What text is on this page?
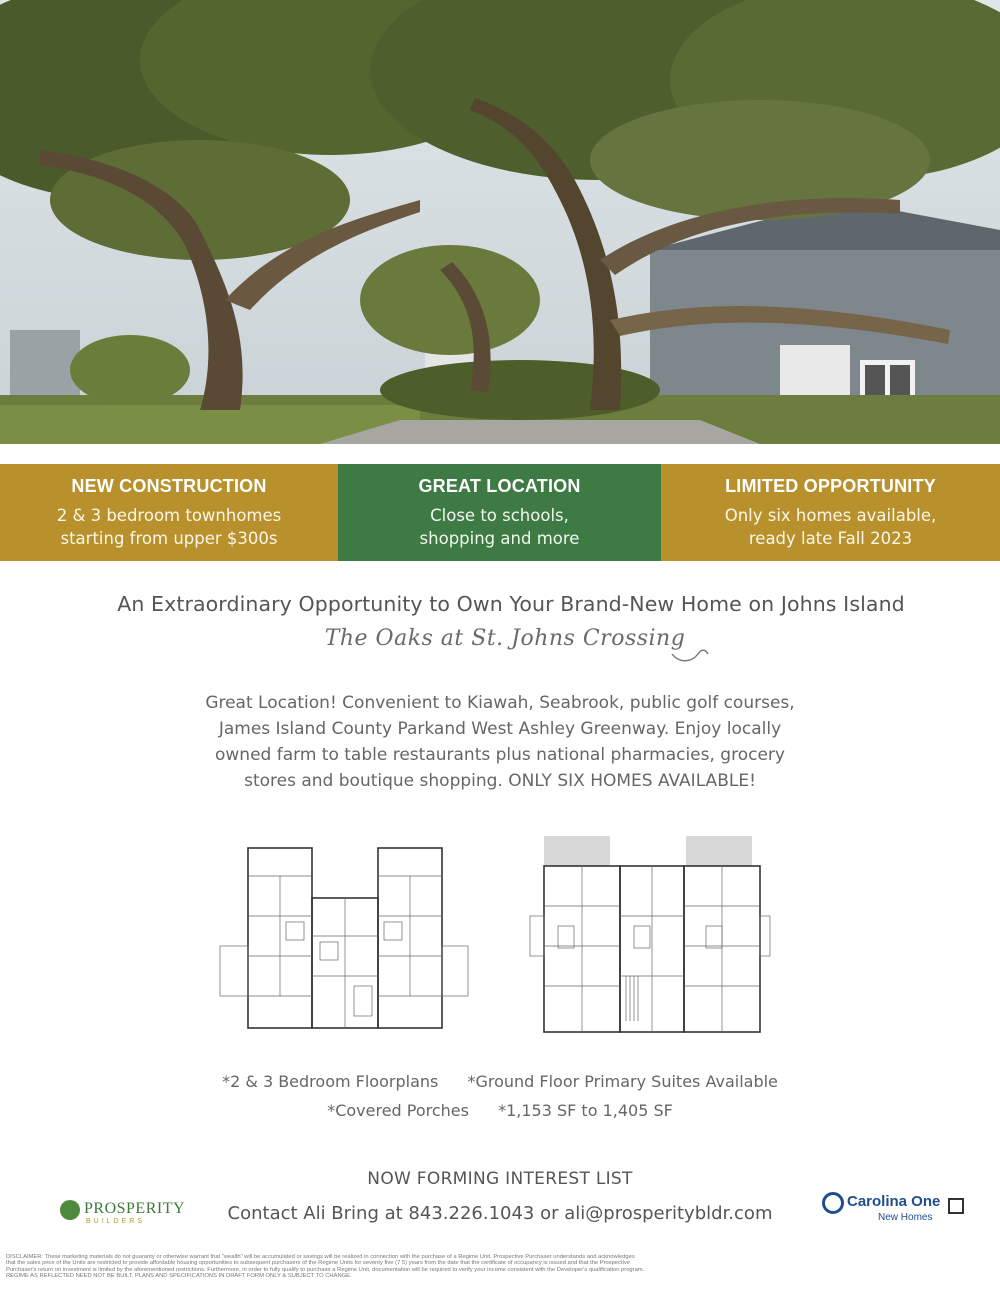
NEW CONSTRUCTION
2 & 3 bedroom townhomes
starting from upper $300s
GREAT LOCATION
Close to schools,
shopping and more
LIMITED OPPORTUNITY
Only six homes available,
ready late Fall 2023
An Extraordinary Opportunity to Own Your Brand-New Home on Johns Island
The Oaks at St. Johns Crossing
Great Location! Convenient to Kiawah, Seabrook, public golf courses,
James Island County Parkand West Ashley Greenway. Enjoy locally
owned farm to table restaurants plus national pharmacies, grocery
stores and boutique shopping. ONLY SIX HOMES AVAILABLE!
*2 & 3 Bedroom Floorplans *Ground Floor Primary Suites Available
*Covered Porches *1,153 SF to 1,405 SF
NOW FORMING INTEREST LIST
Contact Ali Bring at 843.226.1043 or ali@prosperitybldr.com
PROSPERITY
BUILDERS
Carolina One
New Homes
DISCLAIMER: These marketing materials do not guaranty or otherwise warrant that "wealth" will be accumulated or savings will be realized in connection with the purchase of a Regime Unit. Prospective Purchaser understands and acknowledges that the sales price of the Units are restricted to provide affordable housing opportunities to subsequent purchasers of the Regime Units for seventy five (7 5) years from the date that the certificate of occupancy is issued and that the Prospective Purchaser's return on investment is limited by the aforementioned restrictions. Furthermore, in order to fully qualify to purchase a Regime Unit, documentation will be required to verify your income consistent with the Developer's qualification program. REGIME AS REFLECTED NEED NOT BE BUILT. PLANS AND SPECIFICATIONS IN DRAFT FORM ONLY & SUBJECT TO CHANGE.
